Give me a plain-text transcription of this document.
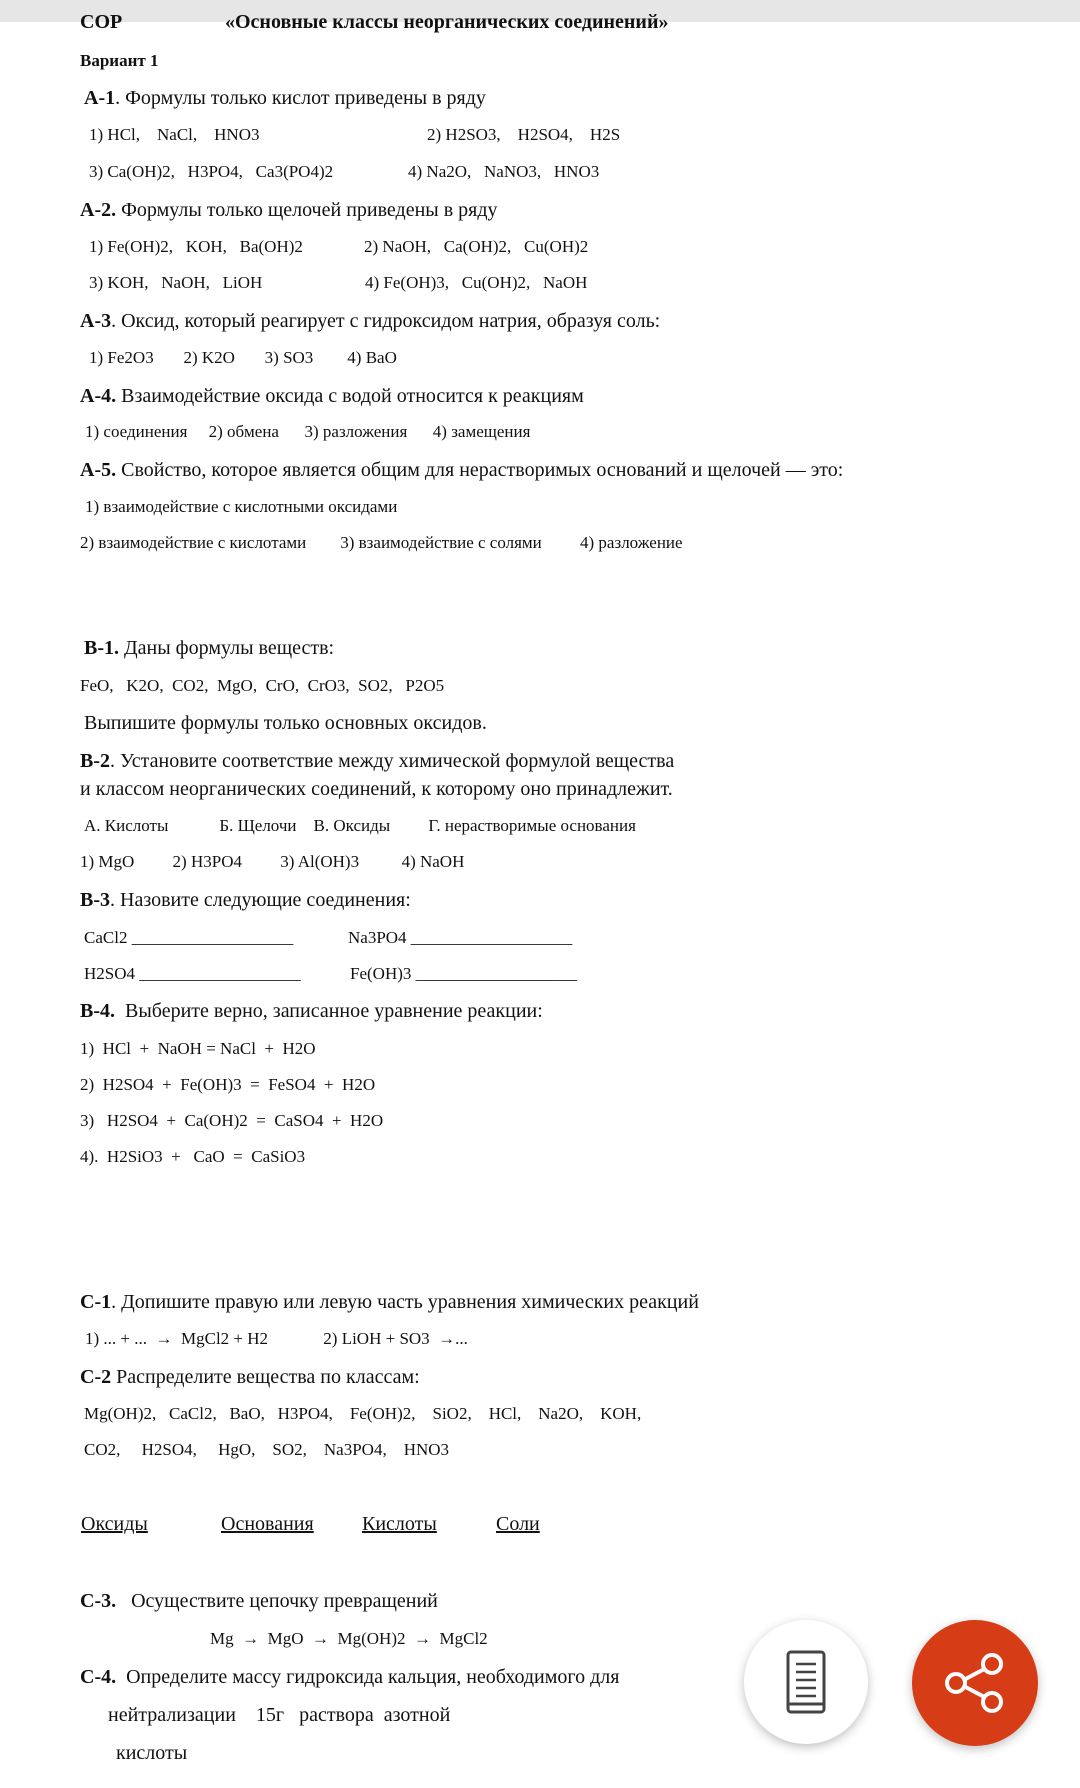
СОР	«Основные классы неорганических соединений»
Вариант 1
А-1. Формулы только кислот приведены в ряду
1) HCl,    NaCl,    HNO3	2) H2SO3,    H2SO4,    H2S
3) Ca(OH)2,   H3PO4,   Ca3(PO4)2	4) Na2O,   NaNO3,   HNO3
А-2. Формулы только щелочей приведены в ряду
1) Fe(OH)2,   KOH,   Ba(OH)2	2) NaOH,   Ca(OH)2,   Cu(OH)2
3) KOH,   NaOH,   LiOH	4) Fe(OH)3,   Cu(OH)2,   NaOH
А-3. Оксид, который реагирует с гидроксидом натрия, образуя соль:
1) Fe2O3       2) K2O       3) SO3        4) BaO
А-4. Взаимодействие оксида с водой относится к реакциям
1) соединения     2) обмена      3) разложения      4) замещения
А-5. Свойство, которое является общим для нерастворимых оснований и щелочей — это:
1) взаимодействие с кислотными оксидами
2) взаимодействие с кислотами        3) взаимодействие с солями         4) разложение
В-1. Даны формулы веществ:
FeO,   K2O,  CO2,  MgO,  CrO,  CrO3,  SO2,   P2O5
Выпишите формулы только основных оксидов.
В-2. Установите соответствие между химической формулой вещества
и классом неорганических соединений, к которому оно принадлежит.
А. Кислоты            Б. Щелочи    В. Оксиды         Г. нерастворимые основания
1) MgO         2) H3PO4         3) Al(OH)3          4) NaOH
В-3. Назовите следующие соединения:
CaCl2 ___________________	Na3PO4 ___________________
H2SO4 ___________________	Fe(OH)3 ___________________
В-4.  Выберите верно, записанное уравнение реакции:
1)  HCl  +  NaOH = NaCl  +  H2O
2)  H2SO4  +  Fe(OH)3  =  FeSO4  +  H2O
3)   H2SO4  +  Ca(OH)2  =  CaSO4  +  H2O
4).  H2SiO3  +   CaO  =  CaSiO3
С-1. Допишите правую или левую часть уравнения химических реакций
1) ... + ...  →  MgCl2 + H2             2) LiOH + SO3  →...
С-2 Распределите вещества по классам:
Mg(OH)2,   CaCl2,   BaO,   H3PO4,    Fe(OH)2,    SiO2,    HCl,    Na2O,    KOH,
CO2,     H2SO4,     HgO,    SO2,    Na3PO4,    HNO3
Оксиды	Основания Кислоты	Соли
С-3.   Осуществите цепочку превращений
Mg  →  MgO  →  Mg(OH)2  →  MgCl2
С-4.  Определите массу гидроксида кальция, необходимого для
нейтрализации    15г   раствора  азотной
кислоты
